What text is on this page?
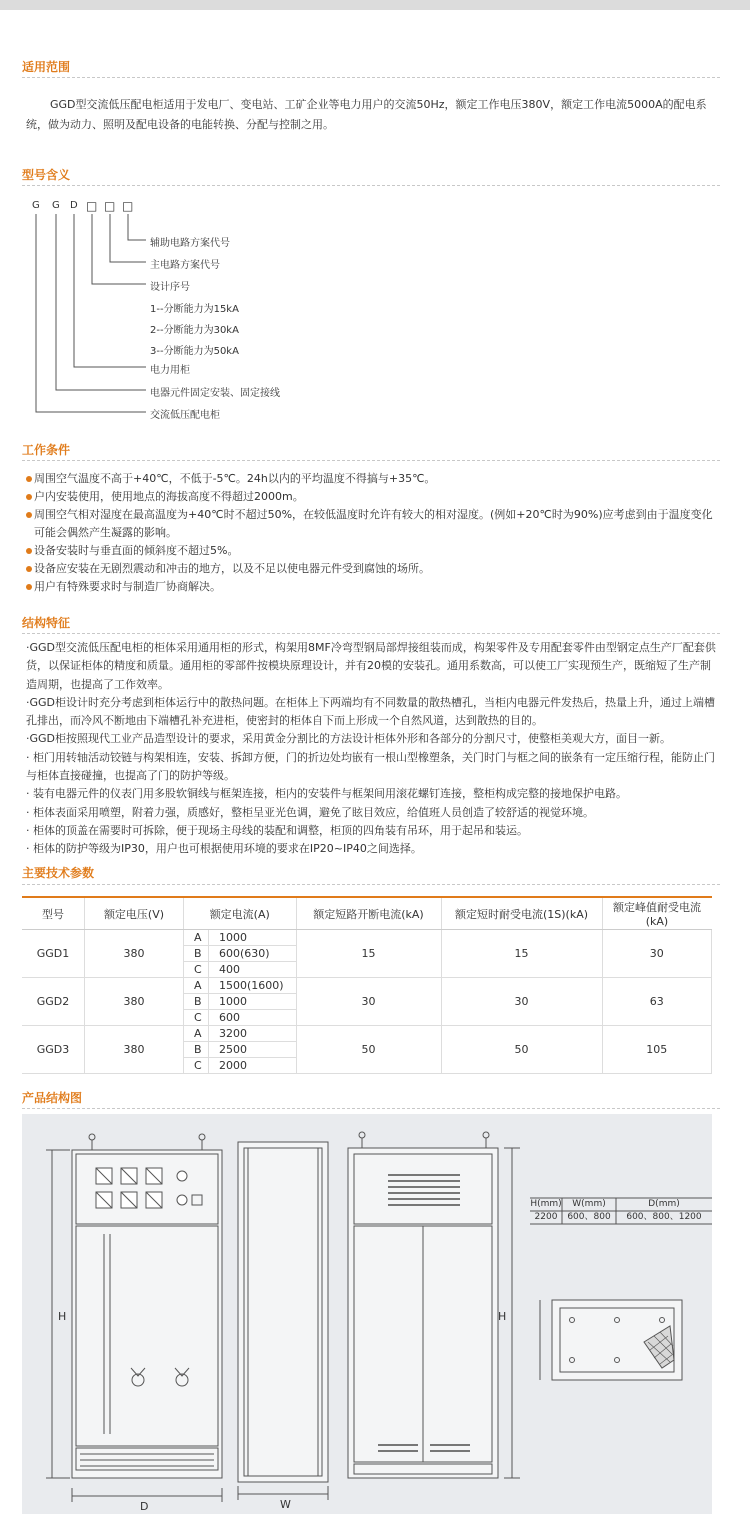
适用范围
GGD型交流低压配电柜适用于发电厂、变电站、工矿企业等电力用户的交流50Hz，额定工作电压380V，额定工作电流5000A的配电系统，做为动力、照明及配电设备的电能转换、分配与控制之用。
型号含义
G G D □ □ □
辅助电路方案代号
主电路方案代号
设计序号
1--分断能力为15kA
2--分断能力为30kA
3--分断能力为50kA
电力用柜
电器元件固定安装、固定接线
交流低压配电柜
工作条件
周围空气温度不高于+40℃，不低于-5℃。24h以内的平均温度不得搞与+35℃。
户内安装使用，使用地点的海拔高度不得超过2000m。
周围空气相对湿度在最高温度为+40℃时不超过50%，在较低温度时允许有较大的相对湿度。(例如+20℃时为90%)应考虑到由于温度变化可能会偶然产生凝露的影响。
设备安装时与垂直面的倾斜度不超过5%。
设备应安装在无剧烈震动和冲击的地方，以及不足以使电器元件受到腐蚀的场所。
用户有特殊要求时与制造厂协商解决。
结构特征
·GGD型交流低压配电柜的柜体采用通用柜的形式，构架用8MF冷弯型钢局部焊接组装而成，构架零件及专用配套零件由型钢定点生产厂配套供货，以保证柜体的精度和质量。通用柜的零部件按模块原理设计，并有20模的安装孔。通用系数高，可以使工厂实现预生产，既缩短了生产制造周期，也提高了工作效率。
·GGD柜设计时充分考虑到柜体运行中的散热问题。在柜体上下两端均有不同数量的散热槽孔，当柜内电器元件发热后，热量上升，通过上端槽孔排出，而冷风不断地由下端槽孔补充进柜，使密封的柜体自下而上形成一个自然风道，达到散热的目的。
·GGD柜按照现代工业产品造型设计的要求，采用黄金分割比的方法设计柜体外形和各部分的分割尺寸，使整柜美观大方，面目一新。
· 柜门用转轴活动铰链与构架相连，安装、拆卸方便，门的折边处均嵌有一根山型橡塑条，关门时门与框之间的嵌条有一定压缩行程，能防止门与柜体直接碰撞，也提高了门的防护等级。
· 装有电器元件的仪表门用多股软铜线与框架连接，柜内的安装件与框架间用滚花螺钉连接，整柜构成完整的接地保护电路。
· 柜体表面采用喷塑，附着力强，质感好，整柜呈亚光色调，避免了眩目效应，给值班人员创造了较舒适的视觉环境。
· 柜体的顶盖在需要时可拆除，便于现场主母线的装配和调整，柜顶的四角装有吊环，用于起吊和装运。
· 柜体的防护等级为IP30，用户也可根据使用环境的要求在IP20~IP40之间选择。
主要技术参数
型号	额定电压(V)	额定电流(A)		额定短路开断电流(kA)	额定短时耐受电流(1S)(kA)	额定峰值耐受电流(kA)
GGD1	380	A	1000	15	15	30
		B	600(630)			
		C	400			
GGD2	380	A	1500(1600)	30	30	63
		B	1000			
		C	600			
GGD3	380	A	3200	50	50	105
		B	2500			
		C	2000			
产品结构图
H
D	W
H
H(mm)	W(mm)	D(mm)
2200	600、800	600、800、1200
